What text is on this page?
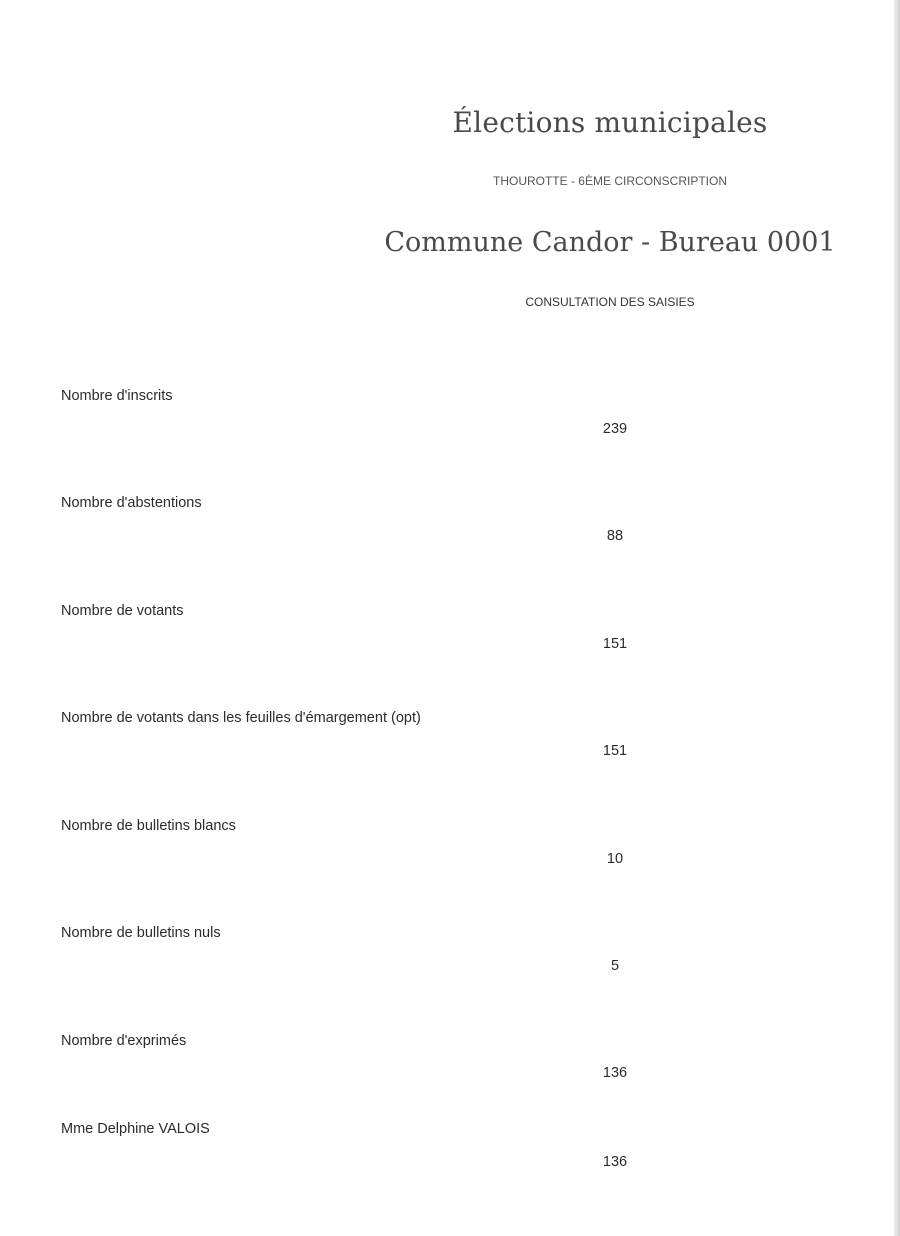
Élections municipales

THOUROTTE - 6ÈME CIRCONSCRIPTION

Commune Candor - Bureau 0001

CONSULTATION DES SAISIES

Nombre d'inscrits
239
Nombre d'abstentions
88
Nombre de votants
151
Nombre de votants dans les feuilles d'émargement (opt)
151
Nombre de bulletins blancs
10
Nombre de bulletins nuls
5
Nombre d'exprimés
136
Mme Delphine VALOIS
136
